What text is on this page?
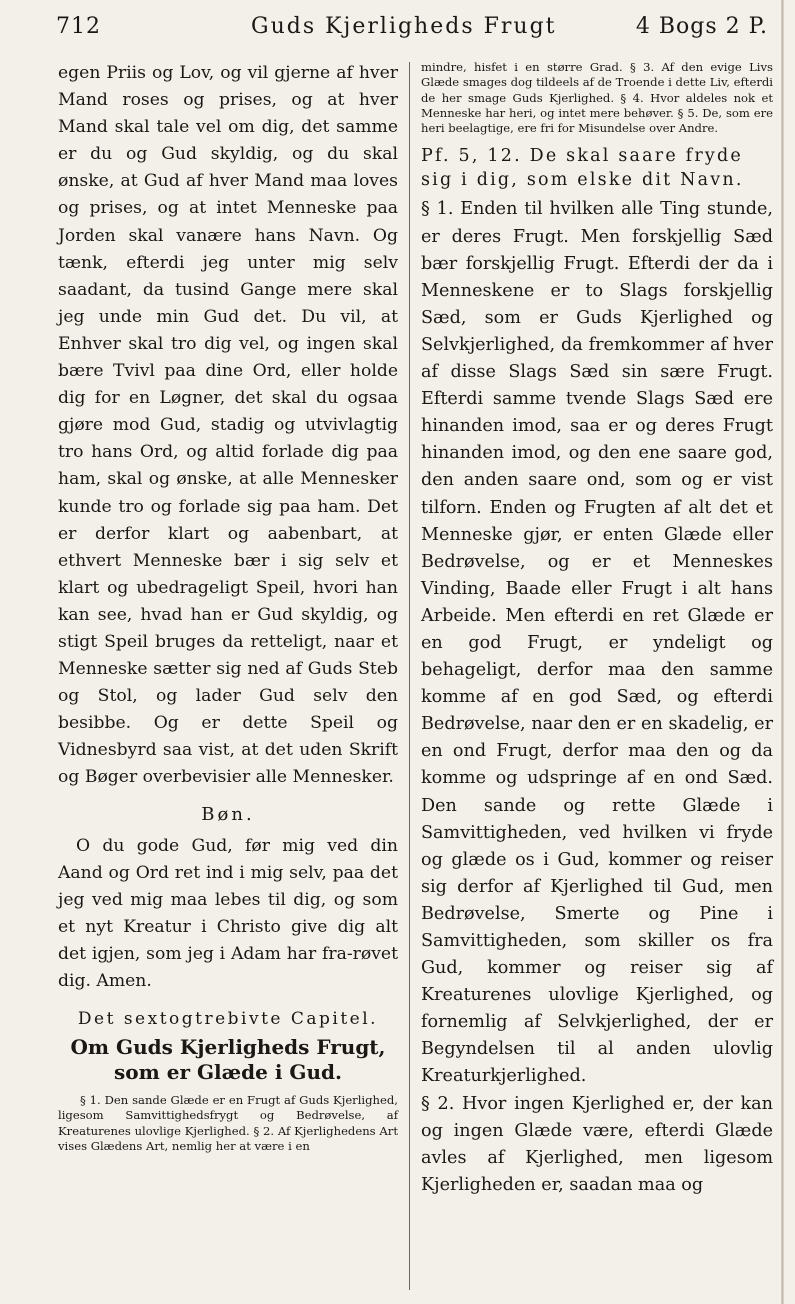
712	Guds Kjerligheds Frugt	4 Bogs 2 P.

egen Priis og Lov, og vil gjerne af hver Mand roses og prises, og at hver Mand skal tale vel om dig, det samme er du og Gud skyldig, og du skal ønske, at Gud af hver Mand maa loves og prises, og at intet Menneske paa Jorden skal vanære hans Navn. Og tænk, efterdi jeg unter mig selv saadant, da tusind Gange mere skal jeg unde min Gud det. Du vil, at Enhver skal tro dig vel, og ingen skal bære Tvivl paa dine Ord, eller holde dig for en Løgner, det skal du ogsaa gjøre mod Gud, stadig og utvivlagtig tro hans Ord, og altid forlade dig paa ham, skal og ønske, at alle Mennesker kunde tro og forlade sig paa ham. Det er derfor klart og aabenbart, at ethvert Menneske bær i sig selv et klart og ubedrageligt Speil, hvori han kan see, hvad han er Gud skyldig, og stigt Speil bruges da retteligt, naar et Menneske sætter sig ned af Guds Steb og Stol, og lader Gud selv den besibbe. Og er dette Speil og Vidnesbyrd saa vist, at det uden Skrift og Bøger overbevisier alle Mennesker.

Bøn.

O du gode Gud, før mig ved din Aand og Ord ret ind i mig selv, paa det jeg ved mig maa lebes til dig, og som et nyt Kreatur i Christo give dig alt det igjen, som jeg i Adam har fra-røvet dig. Amen.

Det sextogtrebivte Capitel.
Om Guds Kjerligheds Frugt, som er Glæde i Gud.

§ 1. Den sande Glæde er en Frugt af Guds Kjerlighed, ligesom Samvittighedsfrygt og Bedrøvelse, af Kreaturenes ulovlige Kjerlighed. § 2. Af Kjerlighedens Art vises Glædens Art, nemlig her at være i en

mindre, hisfet i en større Grad. § 3. Af den evige Livs Glæde smages dog tildeels af de Troende i dette Liv, efterdi de her smage Guds Kjerlighed. § 4. Hvor aldeles nok et Menneske har heri, og intet mere behøver. § 5. De, som ere heri beelagtige, ere fri for Misundelse over Andre.

Pf. 5, 12. De skal saare fryde sig i dig, som elske dit Navn.

§ 1. Enden til hvilken alle Ting stunde, er deres Frugt. Men forskjellig Sæd bær forskjellig Frugt. Efterdi der da i Menneskene er to Slags forskjellig Sæd, som er Guds Kjerlighed og Selvkjerlighed, da fremkommer af hver af disse Slags Sæd sin sære Frugt. Efterdi samme tvende Slags Sæd ere hinanden imod, saa er og deres Frugt hinanden imod, og den ene saare god, den anden saare ond, som og er vist tilforn. Enden og Frugten af alt det et Menneske gjør, er enten Glæde eller Bedrøvelse, og er et Menneskes Vinding, Baade eller Frugt i alt hans Arbeide. Men efterdi en ret Glæde er en god Frugt, er yndeligt og behageligt, derfor maa den samme komme af en god Sæd, og efterdi Bedrøvelse, naar den er en skadelig, er en ond Frugt, derfor maa den og da komme og udspringe af en ond Sæd. Den sande og rette Glæde i Samvittigheden, ved hvilken vi fryde og glæde os i Gud, kommer og reiser sig derfor af Kjerlighed til Gud, men Bedrøvelse, Smerte og Pine i Samvittigheden, som skiller os fra Gud, kommer og reiser sig af Kreaturenes ulovlige Kjerlighed, og fornemlig af Selvkjerlighed, der er Begyndelsen til al anden ulovlig Kreaturkjerlighed.

§ 2. Hvor ingen Kjerlighed er, der kan og ingen Glæde være, efterdi Glæde avles af Kjerlighed, men ligesom Kjerligheden er, saadan maa og
